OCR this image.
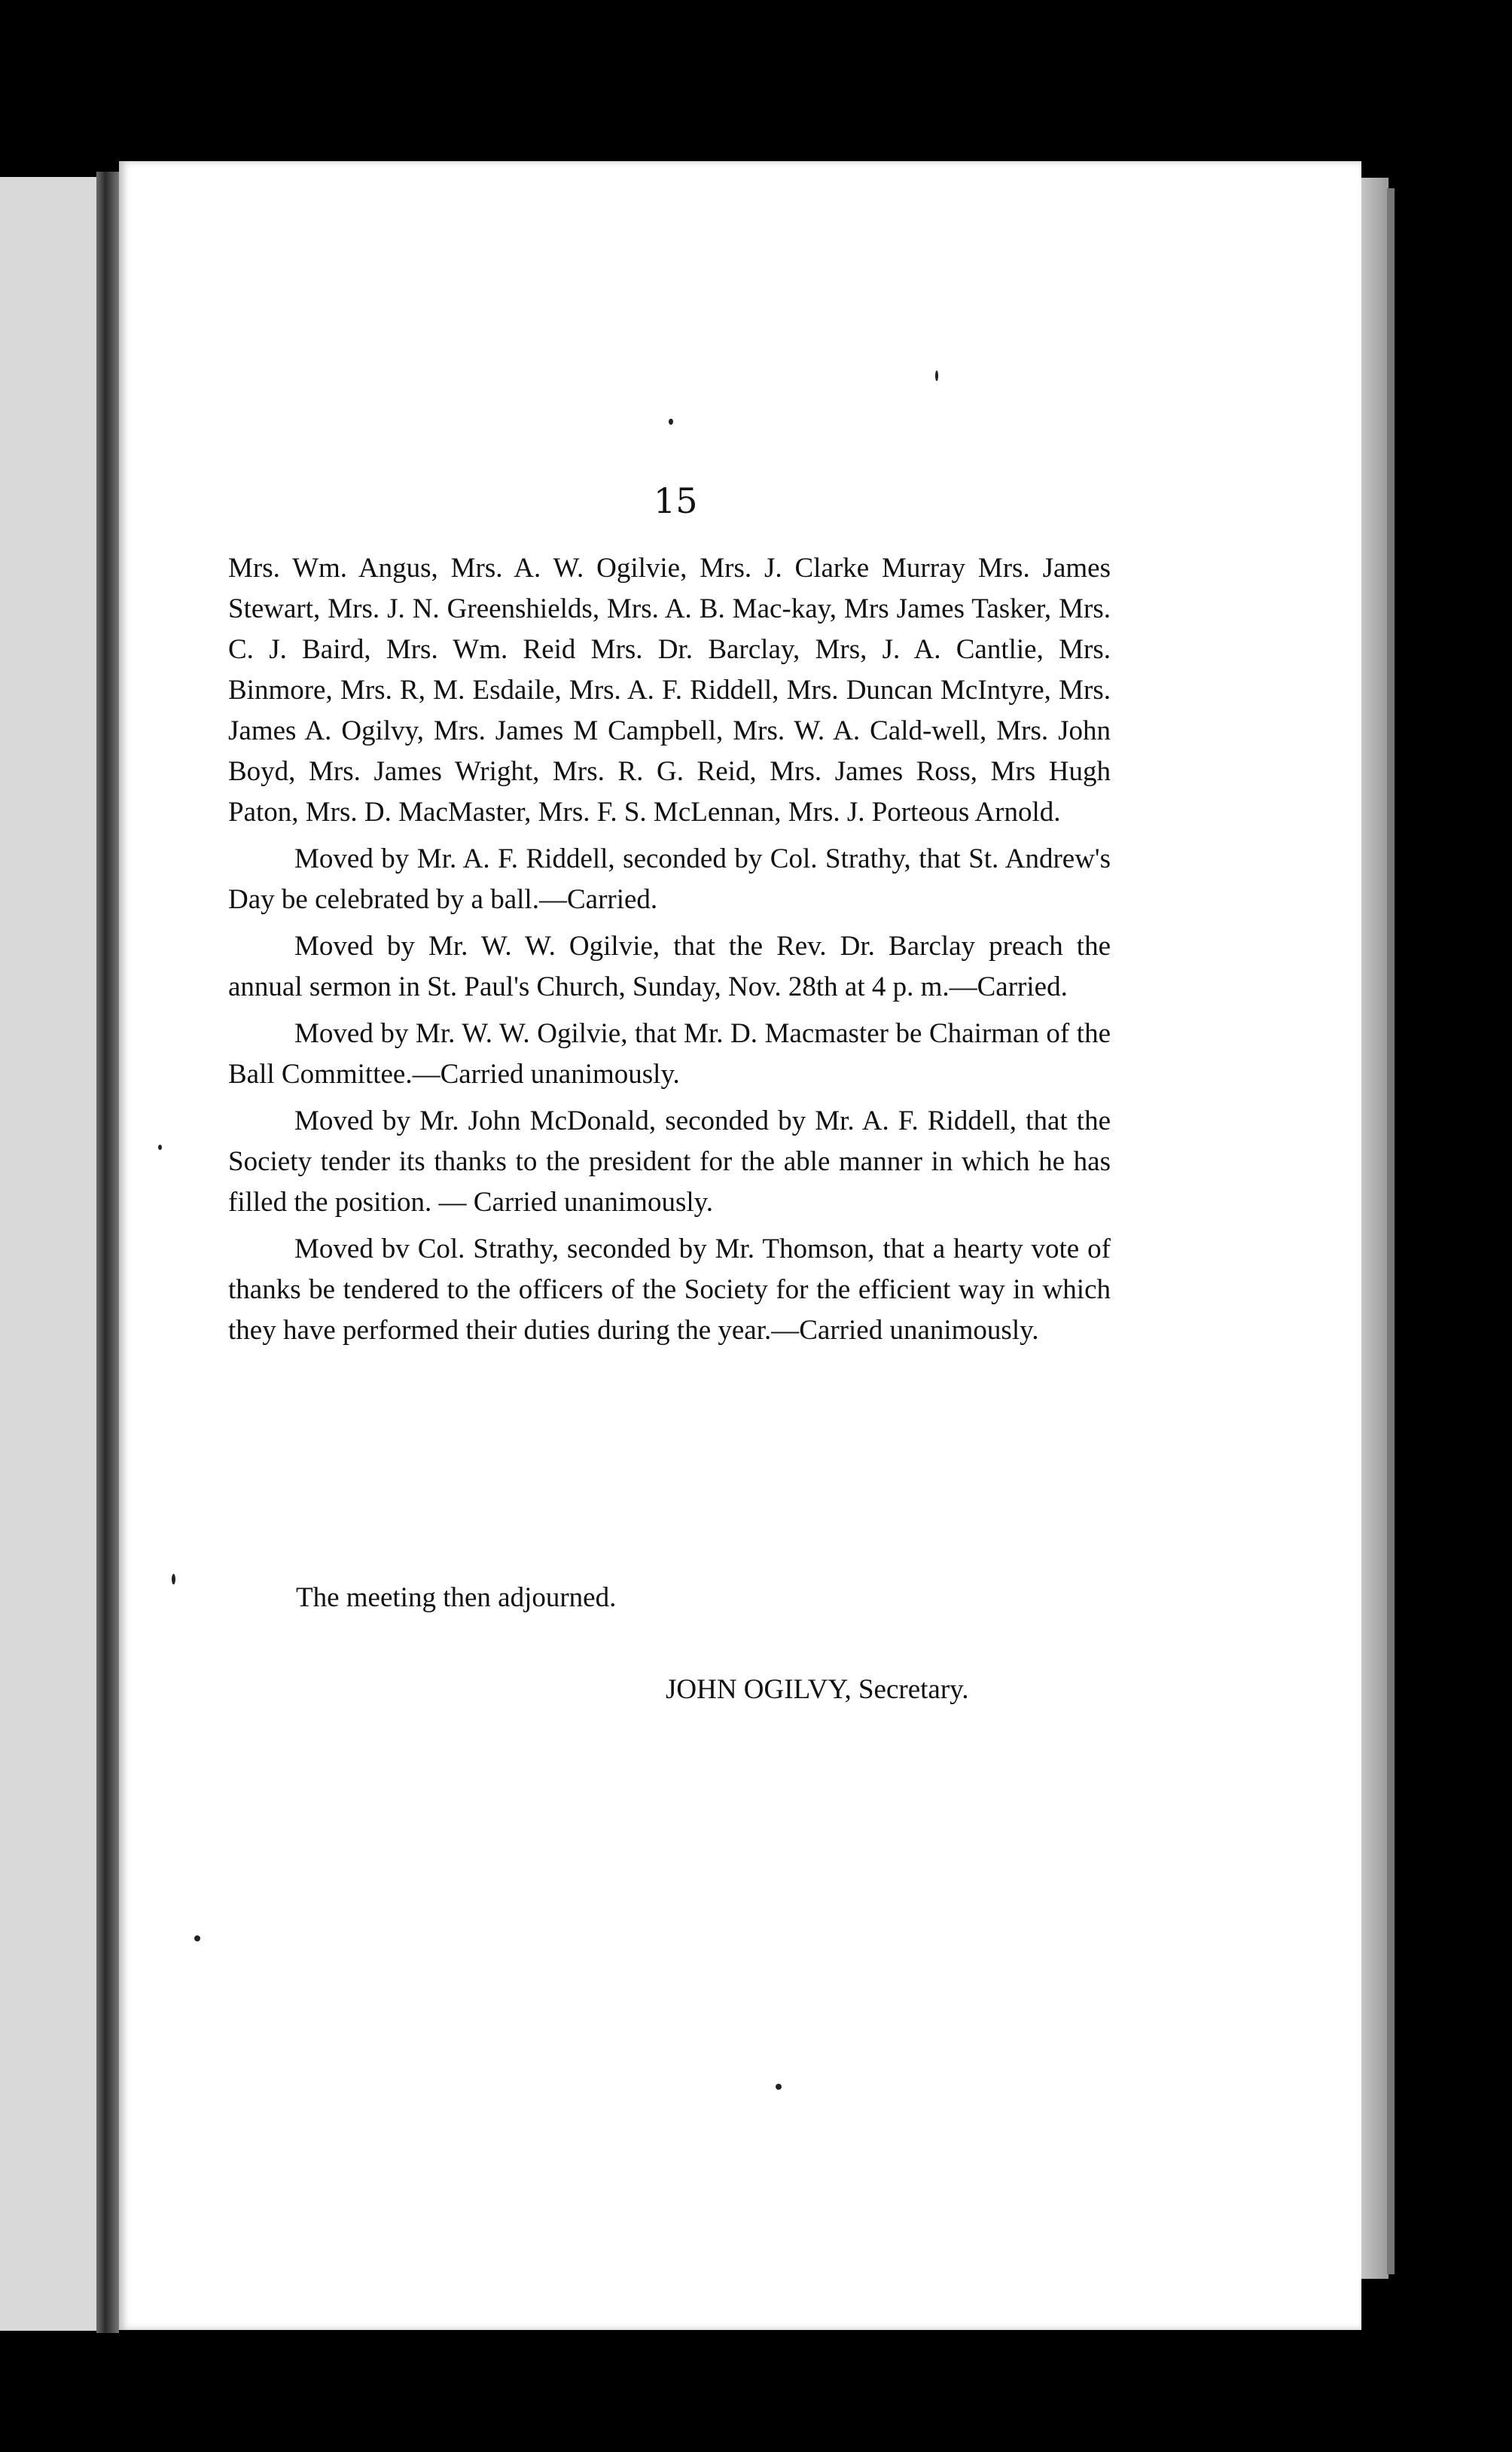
15

Mrs. Wm. Angus, Mrs. A. W. Ogilvie, Mrs. J. Clarke Murray Mrs. James Stewart, Mrs. J. N. Greenshields, Mrs. A. B. Mac-kay, Mrs James Tasker, Mrs. C. J. Baird, Mrs. Wm. Reid Mrs. Dr. Barclay, Mrs, J. A. Cantlie, Mrs. Binmore, Mrs. R, M. Esdaile, Mrs. A. F. Riddell, Mrs. Duncan McIntyre, Mrs. James A. Ogilvy, Mrs. James M Campbell, Mrs. W. A. Cald-well, Mrs. John Boyd, Mrs. James Wright, Mrs. R. G. Reid, Mrs. James Ross, Mrs Hugh Paton, Mrs. D. MacMaster, Mrs. F. S. McLennan, Mrs. J. Porteous Arnold.

Moved by Mr. A. F. Riddell, seconded by Col. Strathy, that St. Andrew's Day be celebrated by a ball.—Carried.

Moved by Mr. W. W. Ogilvie, that the Rev. Dr. Barclay preach the annual sermon in St. Paul's Church, Sunday, Nov. 28th at 4 p. m.—Carried.

Moved by Mr. W. W. Ogilvie, that Mr. D. Macmaster be Chairman of the Ball Committee.—Carried unanimously.

Moved by Mr. John McDonald, seconded by Mr. A. F. Riddell, that the Society tender its thanks to the president for the able manner in which he has filled the position. — Carried unanimously.

Moved bv Col. Strathy, seconded by Mr. Thomson, that a hearty vote of thanks be tendered to the officers of the Society for the efficient way in which they have performed their duties during the year.—Carried unanimously.

The meeting then adjourned.
JOHN OGILVY, Secretary.
